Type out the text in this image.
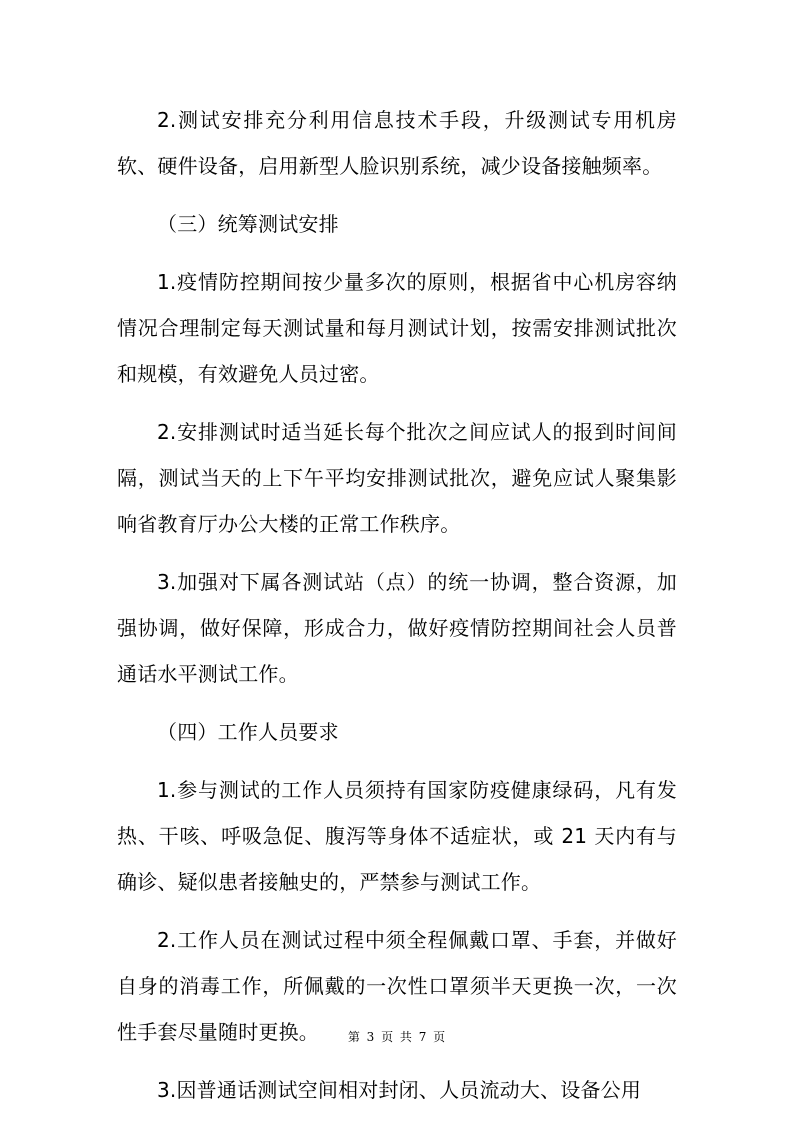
2.测试安排充分利用信息技术手段，升级测试专用机房软、硬件设备，启用新型人脸识别系统，减少设备接触频率。

（三）统筹测试安排

1.疫情防控期间按少量多次的原则，根据省中心机房容纳情况合理制定每天测试量和每月测试计划，按需安排测试批次和规模，有效避免人员过密。

2.安排测试时适当延长每个批次之间应试人的报到时间间隔，测试当天的上下午平均安排测试批次，避免应试人聚集影响省教育厅办公大楼的正常工作秩序。

3.加强对下属各测试站（点）的统一协调，整合资源，加强协调，做好保障，形成合力，做好疫情防控期间社会人员普通话水平测试工作。

（四）工作人员要求

1.参与测试的工作人员须持有国家防疫健康绿码，凡有发热、干咳、呼吸急促、腹泻等身体不适症状，或 21 天内有与确诊、疑似患者接触史的，严禁参与测试工作。

2.工作人员在测试过程中须全程佩戴口罩、手套，并做好自身的消毒工作，所佩戴的一次性口罩须半天更换一次，一次性手套尽量随时更换。

3.因普通话测试空间相对封闭、人员流动大、设备公用

第 3 页 共 7 页
